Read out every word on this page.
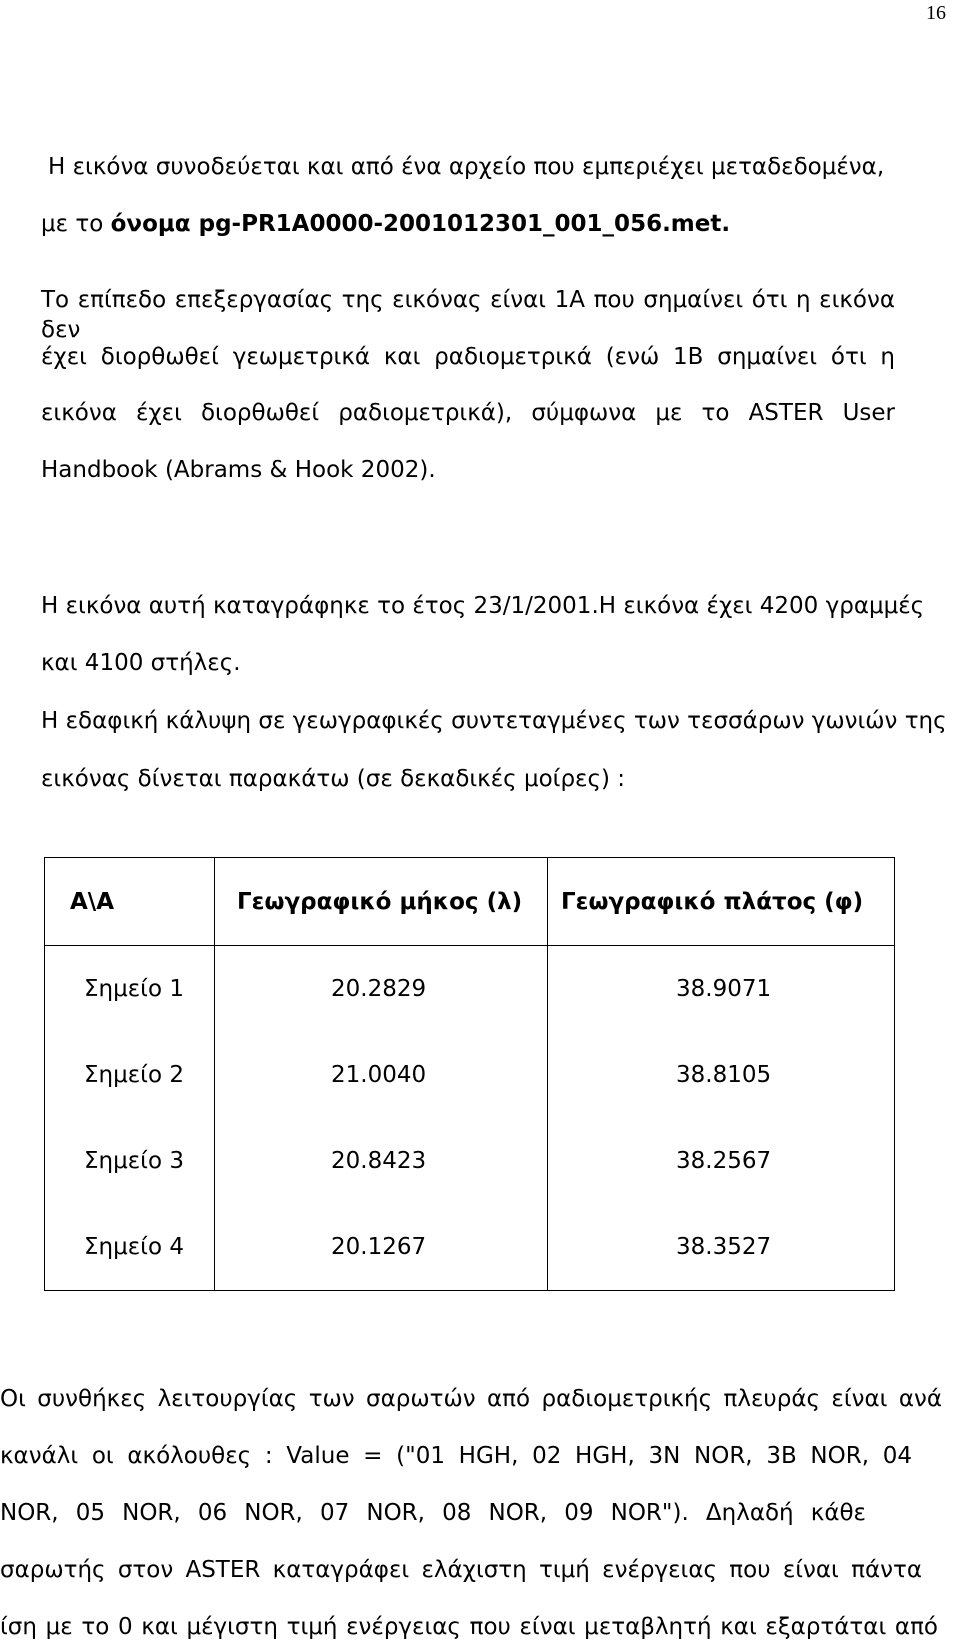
16
Η εικόνα συνοδεύεται και από ένα αρχείο που εμπεριέχει μεταδεδομένα,
με το όνομα pg-PR1A0000-2001012301_001_056.met.
Το επίπεδο επεξεργασίας της εικόνας είναι 1A που σημαίνει ότι η εικόνα δεν
έχει διορθωθεί γεωμετρικά και ραδιομετρικά (ενώ 1B σημαίνει ότι η
εικόνα έχει διορθωθεί ραδιομετρικά), σύμφωνα με το ASTER User
Handbook (Abrams & Hook 2002).
Η εικόνα αυτή καταγράφηκε το έτος 23/1/2001.Η εικόνα έχει 4200 γραμμές
και 4100 στήλες.
Η εδαφική κάλυψη σε γεωγραφικές συντεταγμένες των τεσσάρων γωνιών της
εικόνας δίνεται παρακάτω (σε δεκαδικές μοίρες) :
Α\Α	Γεωγραφικό μήκος (λ)	Γεωγραφικό πλάτος (φ)
Σημείο 1	20.2829	38.9071
Σημείο 2	21.0040	38.8105
Σημείο 3	20.8423	38.2567
Σημείο 4	20.1267	38.3527
Οι συνθήκες λειτουργίας των σαρωτών από ραδιομετρικής πλευράς είναι ανά
κανάλι οι ακόλουθες : Value = ("01 HGH, 02 HGH, 3N NOR, 3B NOR, 04
NOR, 05 NOR, 06 NOR, 07 NOR, 08 NOR, 09 NOR"). Δηλαδή κάθε
σαρωτής στον ASTER καταγράφει ελάχιστη τιμή ενέργειας που είναι πάντα
ίση με το 0 και μέγιστη τιμή ενέργειας που είναι μεταβλητή και εξαρτάται από
